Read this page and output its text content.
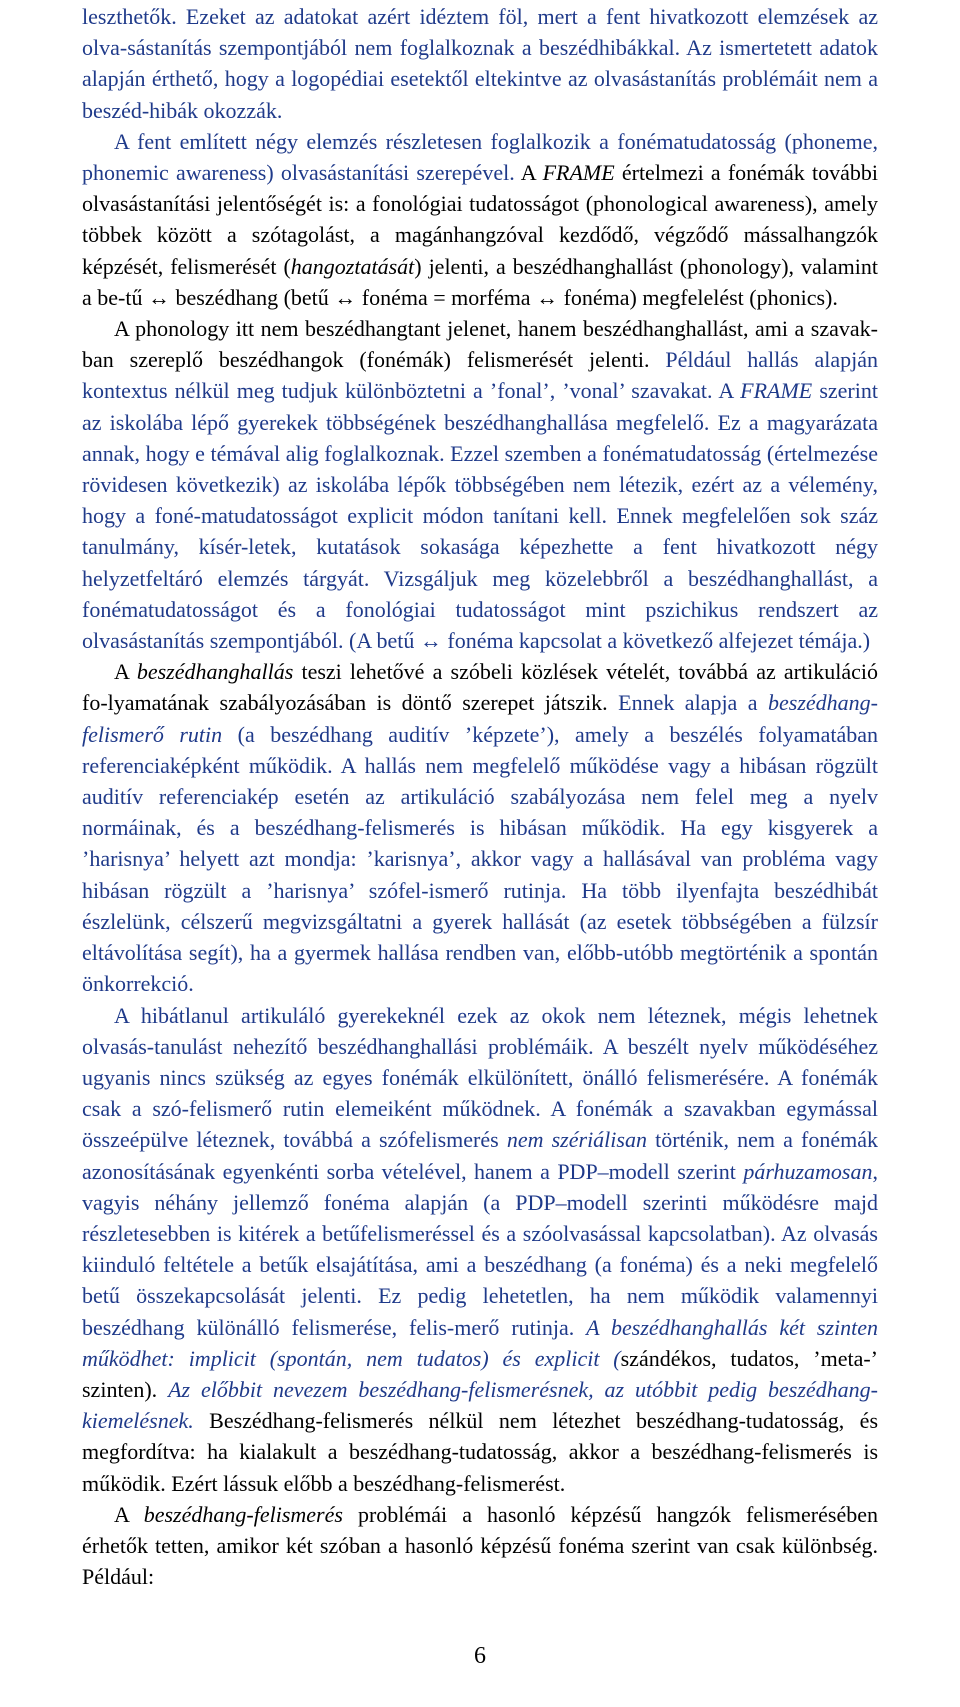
leszthetők. Ezeket az adatokat azért idéztem föl, mert a fent hivatkozott elemzések az olva-sástanítás szempontjából nem foglalkoznak a beszédhibákkal. Az ismertetett adatok alapján érthető, hogy a logopédiai esetektől eltekintve az olvasástanítás problémáit nem a beszéd-hibák okozzák.

A fent említett négy elemzés részletesen foglalkozik a fonématudatosság (phoneme, phonemic awareness) olvasástanítási szerepével. A FRAME értelmezi a fonémák további olvasástanítási jelentőségét is: a fonológiai tudatosságot (phonological awareness), amely többek között a szótagolást, a magánhangzóval kezdődő, végződő mássalhangzók képzését, felismerését (hangoztatását) jelenti, a beszédhanghallást (phonology), valamint a be-tű ↔ beszédhang (betű ↔ fonéma = morféma ↔ fonéma) megfelelést (phonics).

A phonology itt nem beszédhangtant jelenet, hanem beszédhanghallást, ami a szavak-ban szereplő beszédhangok (fonémák) felismerését jelenti. Például hallás alapján kontextus nélkül meg tudjuk különböztetni a ’fonal’, ’vonal’ szavakat. A FRAME szerint az iskolába lépő gyerekek többségének beszédhanghallása megfelelő. Ez a magyarázata annak, hogy e témával alig foglalkoznak. Ezzel szemben a fonématudatosság (értelmezése rövidesen következik) az iskolába lépők többségében nem létezik, ezért az a vélemény, hogy a foné-matudatosságot explicit módon tanítani kell. Ennek megfelelően sok száz tanulmány, kísér-letek, kutatások sokasága képezhette a fent hivatkozott négy helyzetfeltáró elemzés tárgyát. Vizsgáljuk meg közelebbről a beszédhanghallást, a fonématudatosságot és a fonológiai tudatosságot mint pszichikus rendszert az olvasástanítás szempontjából. (A betű ↔ fonéma kapcsolat a következő alfejezet témája.)

A beszédhanghallás teszi lehetővé a szóbeli közlések vételét, továbbá az artikuláció fo-lyamatának szabályozásában is döntő szerepet játszik. Ennek alapja a beszédhang-felismerő rutin (a beszédhang auditív ’képzete’), amely a beszélés folyamatában referenciaképként működik. A hallás nem megfelelő működése vagy a hibásan rögzült auditív referenciakép esetén az artikuláció szabályozása nem felel meg a nyelv normáinak, és a beszédhang-felismerés is hibásan működik. Ha egy kisgyerek a ’harisnya’ helyett azt mondja: ’karisnya’, akkor vagy a hallásával van probléma vagy hibásan rögzült a ’harisnya’ szófel-ismerő rutinja. Ha több ilyenfajta beszédhibát észlelünk, célszerű megvizsgáltatni a gyerek hallását (az esetek többségében a fülzsír eltávolítása segít), ha a gyermek hallása rendben van, előbb-utóbb megtörténik a spontán önkorrekció.

A hibátlanul artikuláló gyerekeknél ezek az okok nem léteznek, mégis lehetnek olvasás-tanulást nehezítő beszédhanghallási problémáik. A beszélt nyelv működéséhez ugyanis nincs szükség az egyes fonémák elkülönített, önálló felismerésére. A fonémák csak a szó-felismerő rutin elemeiként működnek. A fonémák a szavakban egymással összeépülve léteznek, továbbá a szófelismerés nem szériálisan történik, nem a fonémák azonosításának egyenkénti sorba vételével, hanem a PDP–modell szerint párhuzamosan, vagyis néhány jellemző fonéma alapján (a PDP–modell szerinti működésre majd részletesebben is kitérek a betűfelismeréssel és a szóolvasással kapcsolatban). Az olvasás kiinduló feltétele a betűk elsajátítása, ami a beszédhang (a fonéma) és a neki megfelelő betű összekapcsolását jelenti. Ez pedig lehetetlen, ha nem működik valamennyi beszédhang különálló felismerése, felis-merő rutinja. A beszédhanghallás két szinten működhet: implicit (spontán, nem tudatos) és explicit (szándékos, tudatos, ’meta-’ szinten). Az előbbit nevezem beszédhang-felismerésnek, az utóbbit pedig beszédhang-kiemelésnek. Beszédhang-felismerés nélkül nem létezhet beszédhang-tudatosság, és megfordítva: ha kialakult a beszédhang-tudatosság, akkor a beszédhang-felismerés is működik. Ezért lássuk előbb a beszédhang-felismerést.

A beszédhang-felismerés problémái a hasonló képzésű hangzók felismerésében érhetők tetten, amikor két szóban a hasonló képzésű fonéma szerint van csak különbség. Például:

6
